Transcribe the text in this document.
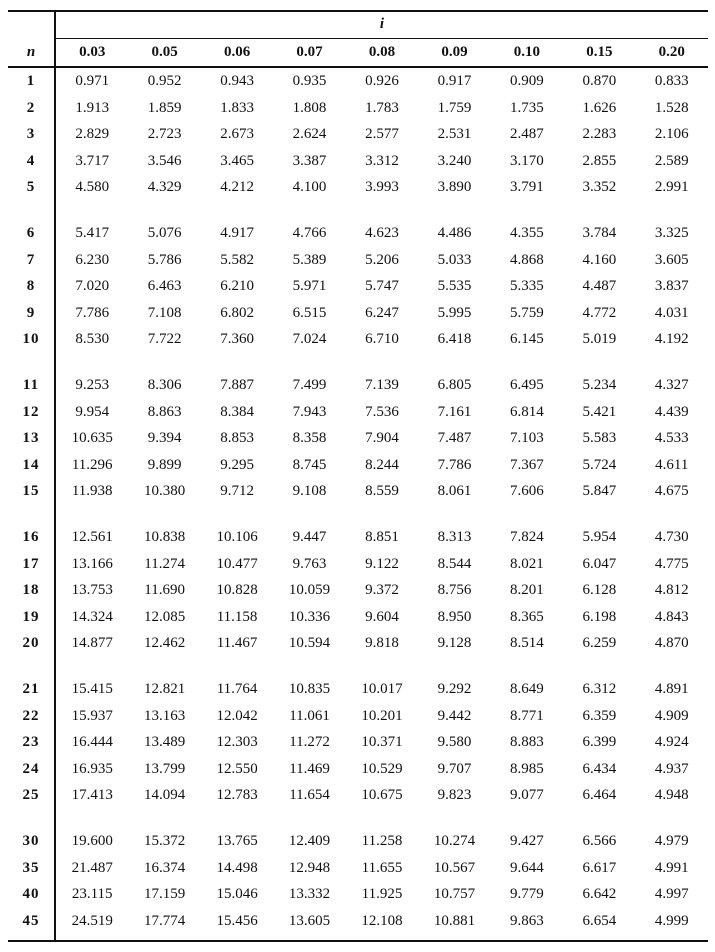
i
n	0.03	0.05	0.06	0.07	0.08	0.09	0.10	0.15	0.20
1	0.971	0.952	0.943	0.935	0.926	0.917	0.909	0.870	0.833
2	1.913	1.859	1.833	1.808	1.783	1.759	1.735	1.626	1.528
3	2.829	2.723	2.673	2.624	2.577	2.531	2.487	2.283	2.106
4	3.717	3.546	3.465	3.387	3.312	3.240	3.170	2.855	2.589
5	4.580	4.329	4.212	4.100	3.993	3.890	3.791	3.352	2.991
6	5.417	5.076	4.917	4.766	4.623	4.486	4.355	3.784	3.325
7	6.230	5.786	5.582	5.389	5.206	5.033	4.868	4.160	3.605
8	7.020	6.463	6.210	5.971	5.747	5.535	5.335	4.487	3.837
9	7.786	7.108	6.802	6.515	6.247	5.995	5.759	4.772	4.031
10	8.530	7.722	7.360	7.024	6.710	6.418	6.145	5.019	4.192
11	9.253	8.306	7.887	7.499	7.139	6.805	6.495	5.234	4.327
12	9.954	8.863	8.384	7.943	7.536	7.161	6.814	5.421	4.439
13	10.635	9.394	8.853	8.358	7.904	7.487	7.103	5.583	4.533
14	11.296	9.899	9.295	8.745	8.244	7.786	7.367	5.724	4.611
15	11.938	10.380	9.712	9.108	8.559	8.061	7.606	5.847	4.675
16	12.561	10.838	10.106	9.447	8.851	8.313	7.824	5.954	4.730
17	13.166	11.274	10.477	9.763	9.122	8.544	8.021	6.047	4.775
18	13.753	11.690	10.828	10.059	9.372	8.756	8.201	6.128	4.812
19	14.324	12.085	11.158	10.336	9.604	8.950	8.365	6.198	4.843
20	14.877	12.462	11.467	10.594	9.818	9.128	8.514	6.259	4.870
21	15.415	12.821	11.764	10.835	10.017	9.292	8.649	6.312	4.891
22	15.937	13.163	12.042	11.061	10.201	9.442	8.771	6.359	4.909
23	16.444	13.489	12.303	11.272	10.371	9.580	8.883	6.399	4.924
24	16.935	13.799	12.550	11.469	10.529	9.707	8.985	6.434	4.937
25	17.413	14.094	12.783	11.654	10.675	9.823	9.077	6.464	4.948
30	19.600	15.372	13.765	12.409	11.258	10.274	9.427	6.566	4.979
35	21.487	16.374	14.498	12.948	11.655	10.567	9.644	6.617	4.991
40	23.115	17.159	15.046	13.332	11.925	10.757	9.779	6.642	4.997
45	24.519	17.774	15.456	13.605	12.108	10.881	9.863	6.654	4.999
